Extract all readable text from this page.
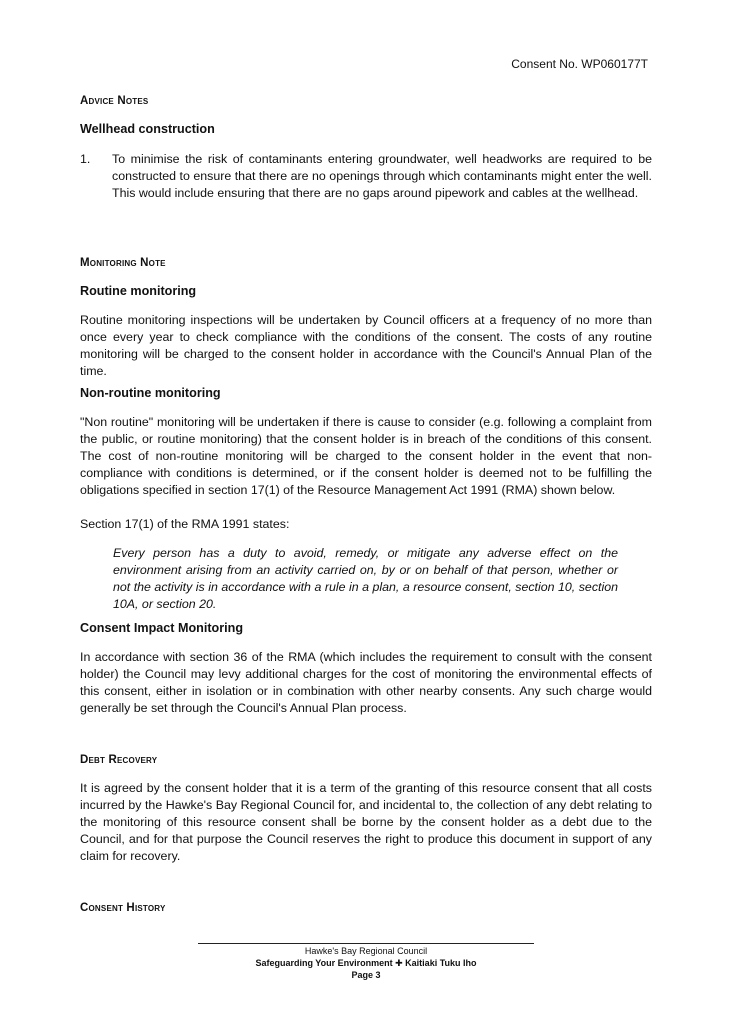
Consent No. WP060177T
Advice Notes
Wellhead construction
1. To minimise the risk of contaminants entering groundwater, well headworks are required to be constructed to ensure that there are no openings through which contaminants might enter the well. This would include ensuring that there are no gaps around pipework and cables at the wellhead.
Monitoring Note
Routine monitoring
Routine monitoring inspections will be undertaken by Council officers at a frequency of no more than once every year to check compliance with the conditions of the consent. The costs of any routine monitoring will be charged to the consent holder in accordance with the Council's Annual Plan of the time.
Non-routine monitoring
"Non routine" monitoring will be undertaken if there is cause to consider (e.g. following a complaint from the public, or routine monitoring) that the consent holder is in breach of the conditions of this consent. The cost of non-routine monitoring will be charged to the consent holder in the event that non-compliance with conditions is determined, or if the consent holder is deemed not to be fulfilling the obligations specified in section 17(1) of the Resource Management Act 1991 (RMA) shown below.
Section 17(1) of the RMA 1991 states:
Every person has a duty to avoid, remedy, or mitigate any adverse effect on the environment arising from an activity carried on, by or on behalf of that person, whether or not the activity is in accordance with a rule in a plan, a resource consent, section 10, section 10A, or section 20.
Consent Impact Monitoring
In accordance with section 36 of the RMA (which includes the requirement to consult with the consent holder) the Council may levy additional charges for the cost of monitoring the environmental effects of this consent, either in isolation or in combination with other nearby consents. Any such charge would generally be set through the Council's Annual Plan process.
Debt Recovery
It is agreed by the consent holder that it is a term of the granting of this resource consent that all costs incurred by the Hawke's Bay Regional Council for, and incidental to, the collection of any debt relating to the monitoring of this resource consent shall be borne by the consent holder as a debt due to the Council, and for that purpose the Council reserves the right to produce this document in support of any claim for recovery.
Consent History
Hawke's Bay Regional Council
Safeguarding Your Environment ✚ Kaitiaki Tuku Iho
Page 3
